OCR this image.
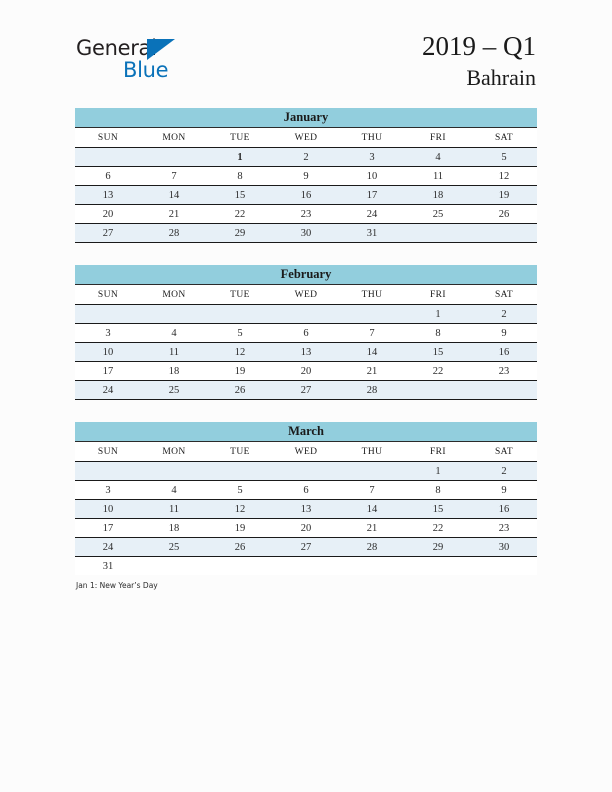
General
Blue
2019 – Q1
Bahrain
January
SUN	MON	TUE	WED	THU	FRI	SAT
		1	2	3	4	5
6	7	8	9	10	11	12
13	14	15	16	17	18	19
20	21	22	23	24	25	26
27	28	29	30	31		
February
SUN	MON	TUE	WED	THU	FRI	SAT
					1	2
3	4	5	6	7	8	9
10	11	12	13	14	15	16
17	18	19	20	21	22	23
24	25	26	27	28		
March
SUN	MON	TUE	WED	THU	FRI	SAT
					1	2
3	4	5	6	7	8	9
10	11	12	13	14	15	16
17	18	19	20	21	22	23
24	25	26	27	28	29	30
31						
Jan 1: New Year’s Day
